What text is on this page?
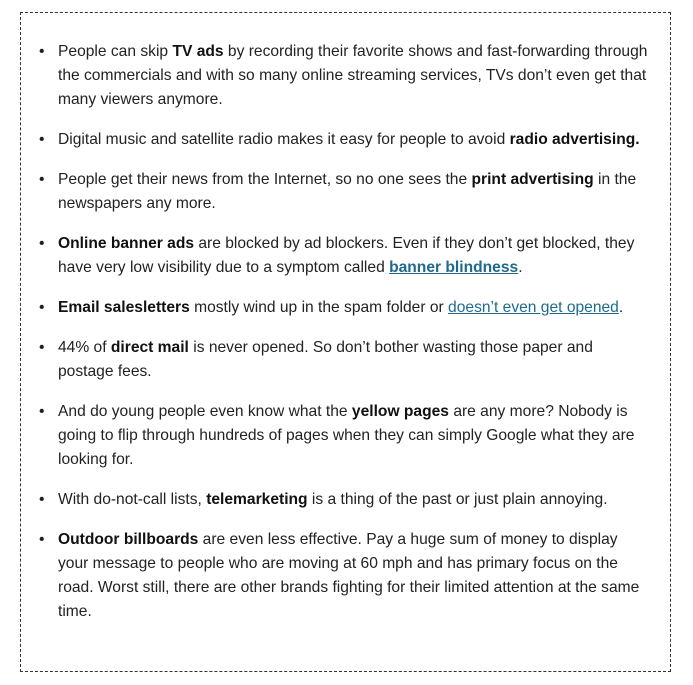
• People can skip TV ads by recording their favorite shows and fast-forwarding through the commercials and with so many online streaming services, TVs don’t even get that many viewers anymore.
• Digital music and satellite radio makes it easy for people to avoid radio advertising.
• People get their news from the Internet, so no one sees the print advertising in the newspapers any more.
• Online banner ads are blocked by ad blockers. Even if they don’t get blocked, they have very low visibility due to a symptom called banner blindness.
• Email salesletters mostly wind up in the spam folder or doesn’t even get opened.
• 44% of direct mail is never opened. So don’t bother wasting those paper and postage fees.
• And do young people even know what the yellow pages are any more? Nobody is going to flip through hundreds of pages when they can simply Google what they are looking for.
• With do-not-call lists, telemarketing is a thing of the past or just plain annoying.
• Outdoor billboards are even less effective. Pay a huge sum of money to display your message to people who are moving at 60 mph and has primary focus on the road. Worst still, there are other brands fighting for their limited attention at the same time.
